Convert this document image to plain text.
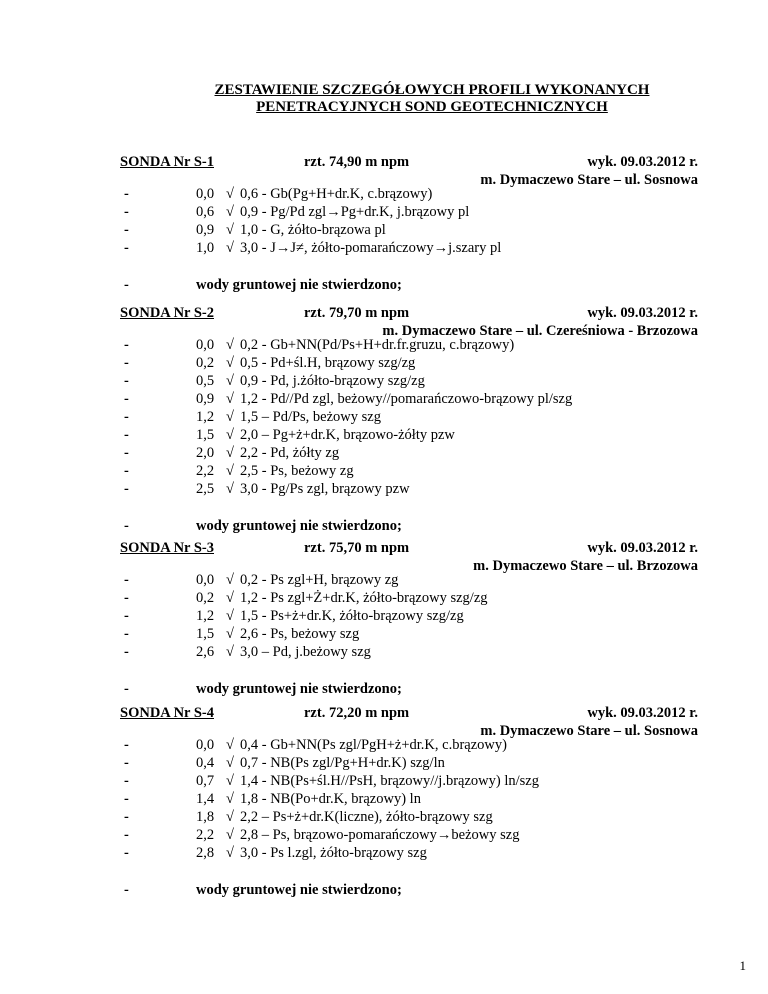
ZESTAWIENIE SZCZEGÓŁOWYCH PROFILI WYKONANYCH
PENETRACYJNYCH SOND GEOTECHNICZNYCH
SONDA Nr S-1	rzt. 74,90 m npm	wyk. 09.03.2012 r.
m. Dymaczewo Stare – ul. Sosnowa
-	0,0 √ 0,6 - Gb(Pg+H+dr.K, c.brązowy)
-	0,6 √ 0,9 - Pg/Pd zgl→Pg+dr.K, j.brązowy pl
-	0,9 √ 1,0 - G, żółto-brązowa pl
-	1,0 √ 3,0 - J→J≠, żółto-pomarańczowy→j.szary pl
-	wody gruntowej nie stwierdzono;
SONDA Nr S-2	rzt. 79,70 m npm	wyk. 09.03.2012 r.
m. Dymaczewo Stare – ul. Czereśniowa - Brzozowa
-	0,0 √ 0,2 - Gb+NN(Pd/Ps+H+dr.fr.gruzu, c.brązowy)
-	0,2 √ 0,5 - Pd+śl.H, brązowy szg/zg
-	0,5 √ 0,9 - Pd, j.żółto-brązowy szg/zg
-	0,9 √ 1,2 - Pd//Pd zgl, beżowy//pomarańczowo-brązowy pl/szg
-	1,2 √ 1,5 – Pd/Ps, beżowy szg
-	1,5 √ 2,0 – Pg+ż+dr.K, brązowo-żółty pzw
-	2,0 √ 2,2 - Pd, żółty zg
-	2,2 √ 2,5 - Ps, beżowy zg
-	2,5 √ 3,0 - Pg/Ps zgl, brązowy pzw
-	wody gruntowej nie stwierdzono;
SONDA Nr S-3	rzt. 75,70 m npm	wyk. 09.03.2012 r.
m. Dymaczewo Stare – ul. Brzozowa
-	0,0 √ 0,2 - Ps zgl+H, brązowy zg
-	0,2 √ 1,2 - Ps zgl+Ż+dr.K, żółto-brązowy szg/zg
-	1,2 √ 1,5 - Ps+ż+dr.K, żółto-brązowy szg/zg
-	1,5 √ 2,6 - Ps, beżowy szg
-	2,6 √ 3,0 – Pd, j.beżowy szg
-	wody gruntowej nie stwierdzono;
SONDA Nr S-4	rzt. 72,20 m npm	wyk. 09.03.2012 r.
m. Dymaczewo Stare – ul. Sosnowa
-	0,0 √ 0,4 - Gb+NN(Ps zgl/PgH+ż+dr.K, c.brązowy)
-	0,4 √ 0,7 - NB(Ps zgl/Pg+H+dr.K) szg/ln
-	0,7 √ 1,4 - NB(Ps+śl.H//PsH, brązowy//j.brązowy) ln/szg
-	1,4 √ 1,8 - NB(Po+dr.K, brązowy) ln
-	1,8 √ 2,2 – Ps+ż+dr.K(liczne), żółto-brązowy szg
-	2,2 √ 2,8 – Ps, brązowo-pomarańczowy→beżowy szg
-	2,8 √ 3,0 - Ps l.zgl, żółto-brązowy szg
-	wody gruntowej nie stwierdzono;
1
